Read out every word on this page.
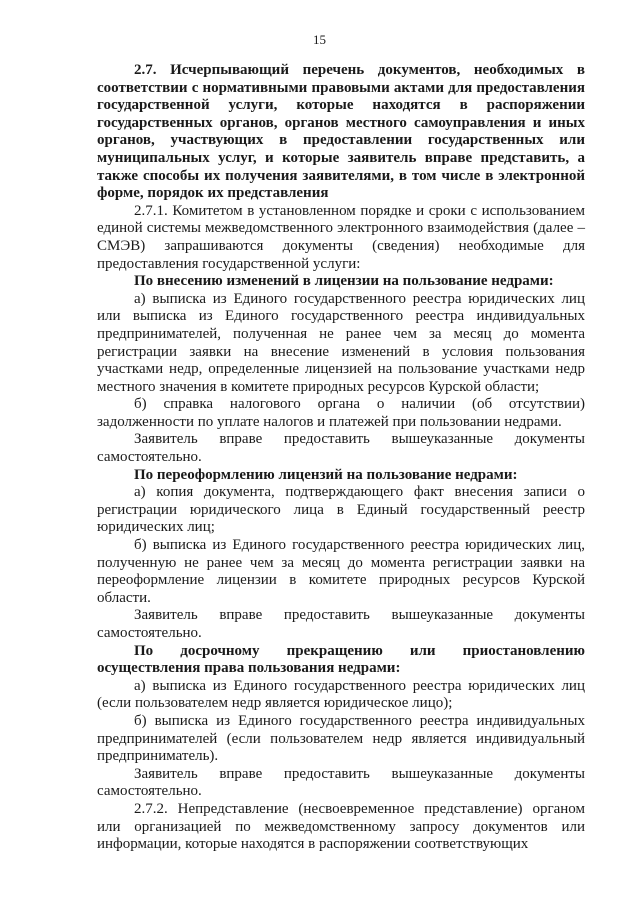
15

2.7. Исчерпывающий перечень документов, необходимых в соответствии с нормативными правовыми актами для предоставления государственной услуги, которые находятся в распоряжении государственных органов, органов местного самоуправления и иных органов, участвующих в предоставлении государственных или муниципальных услуг, и которые заявитель вправе представить, а также способы их получения заявителями, в том числе в электронной форме, порядок их представления

2.7.1. Комитетом в установленном порядке и сроки с использованием единой системы межведомственного электронного взаимодействия (далее – СМЭВ) запрашиваются документы (сведения) необходимые для предоставления государственной услуги:

По внесению изменений в лицензии на пользование недрами:

а) выписка из Единого государственного реестра юридических лиц или выписка из Единого государственного реестра индивидуальных предпринимателей, полученная не ранее чем за месяц до момента регистрации заявки на внесение изменений в условия пользования участками недр, определенные лицензией на пользование участками недр местного значения в комитете природных ресурсов Курской области;

б) справка налогового органа о наличии (об отсутствии) задолженности по уплате налогов и платежей при пользовании недрами.

Заявитель вправе предоставить вышеуказанные документы самостоятельно.

По переоформлению лицензий на пользование недрами:

а) копия документа, подтверждающего факт внесения записи о регистрации юридического лица в Единый государственный реестр юридических лиц;

б) выписка из Единого государственного реестра юридических лиц, полученную не ранее чем за месяц до момента регистрации заявки на переоформление лицензии в комитете природных ресурсов Курской области.

Заявитель вправе предоставить вышеуказанные документы самостоятельно.

По досрочному прекращению или приостановлению осуществления права пользования недрами:

а) выписка из Единого государственного реестра юридических лиц (если пользователем недр является юридическое лицо);

б) выписка из Единого государственного реестра индивидуальных предпринимателей (если пользователем недр является индивидуальный предприниматель).

Заявитель вправе предоставить вышеуказанные документы самостоятельно.

2.7.2. Непредставление (несвоевременное представление) органом или организацией по межведомственному запросу документов или информации, которые находятся в распоряжении соответствующих
